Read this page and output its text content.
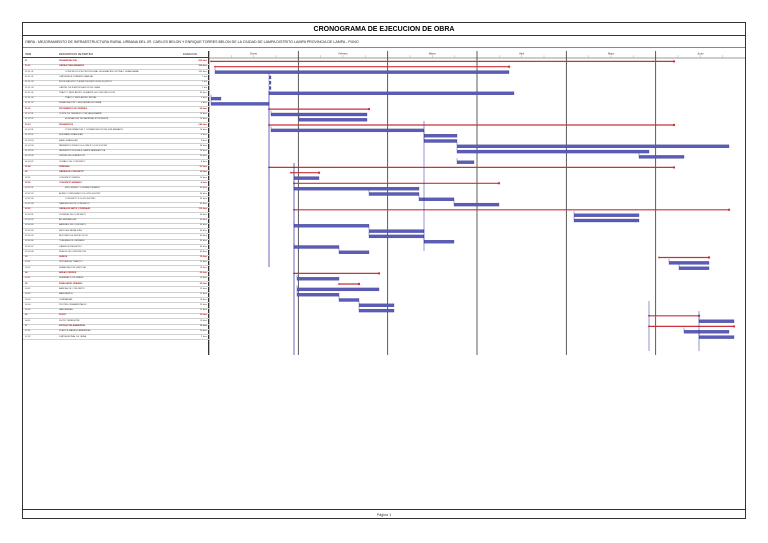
CRONOGRAMA DE EJECUCION DE OBRA
OBRA : MEJORAMIENTO DE INFRAESTRUCTURA RURAL URBANA DEL JR. CARLOS BELON Y ENRIQUE TORRES BELON DE LA CIUDAD DE LAMPA DISTRITO LAMPA PROVINCIA DE LAMPA - PUNO
ITEM	DESCRIPCION DE PARTIDA	DURACION
01	PAVIMENTACION	205 días
01.01	OBRAS PRELIMINARES	165 días
01.01.01	CONSTRUCCION PROVISIONAL DE ALMACEN OFICINA Y GUARDIANIA	165 días
01.01.02	LIMPIEZA DE TERRENO MANUAL	1 día
01.01.03	MOVILIZACION Y DESMOVILIZACION DE EQUIPOS	1 día
01.01.04	CARTEL DE IDENTIFICACION DE OBRA	1 día
01.01.05	TRAZO Y REPLANTEO DURANTE LA CONSTRUCCION	55 días
01.01.06	TRAZO Y REPLANTEO INICIAL	4 días
01.01.07	SENALIZACION Y SEGURIDAD EN OBRA	4 días
01.02	MOVIMIENTO DE TIERRAS	25 días
01.02.01	CORTE DE TERRENO CON MAQUINARIA	10 días
01.02.02	ELIMINACION DE MATERIAL EXCEDENTE	15 días
01.03	PAVIMENTOS	145 días
01.03.01	CONFORMACION Y COMPACTACION DE SUB RASANTE	10 días
01.03.02	SUB BASE GRANULAR	8 días
01.03.03	BASE GRANULAR	8 días
01.03.04	PAVIMENTO RIGIDO E=0.20M F'C=210 KG/CM2	55 días
01.03.05	PAVIMENTO FLEXIBLE CARPETA ASFALTICA	20 días
01.03.06	JUNTAS DE DILATACION	20 días
01.03.07	CURADO DE CONCRETO	8 días
01.04	VEREDAS	97 días
02	OBRAS DE CONCRETO	10 días
02.01	CONCRETO SIMPLE	10 días
02.02	CONCRETO ARMADO	5 días
02.02.01	ENCOFRADO Y DESENCOFRADO	45 días
02.02.02	ACERO CORRUGADO FY=4200 KG/CM2	40 días
02.02.03	CONCRETO F'C=210 KG/CM2	35 días
02.02.04	SARDINELES DE CONCRETO	30 días
02.03	OBRAS DE ARTE Y DRENAJE	115 días
02.03.01	CUNETAS DE CONCRETO	40 días
02.03.02	ALCANTARILLAS	40 días
02.03.03	BADENES DE CONCRETO	40 días
02.03.04	REJILLAS METALICAS	40 días
02.03.05	BUZONES DE INSPECCION	40 días
02.03.06	TUBERIAS DE DRENAJE	40 días
02.03.07	CAJAS DE REGISTRO	40 días
02.03.08	MUROS DE CONTENCION	40 días
03	VARIOS	15 días
03.01	PINTURA DE TRAFICO	15 días
03.02	SEÑALIZACION VERTICAL	15 días
04	AREAS VERDES	20 días
04.01	SEMBRADO DE GRASS	10 días
05	MOBILIARIO URBANO	35 días
05.01	BANCAS DE CONCRETO	15 días
05.02	BASUREROS	15 días
05.03	LUMINARIAS	15 días
05.04	POSTES ORNAMENTALES	15 días
05.05	JARDINERAS	15 días
06	FLETE	15 días
06.01	FLETE TERRESTRE	15 días
07	MITIGACION AMBIENTAL	10 días
07.01	PLAN DE MANEJO AMBIENTAL	10 días
07.02	LIMPIEZA FINAL DE OBRA	7 días
Enero	Febrero	Marzo	Abril	Mayo	Junio
Página 1
